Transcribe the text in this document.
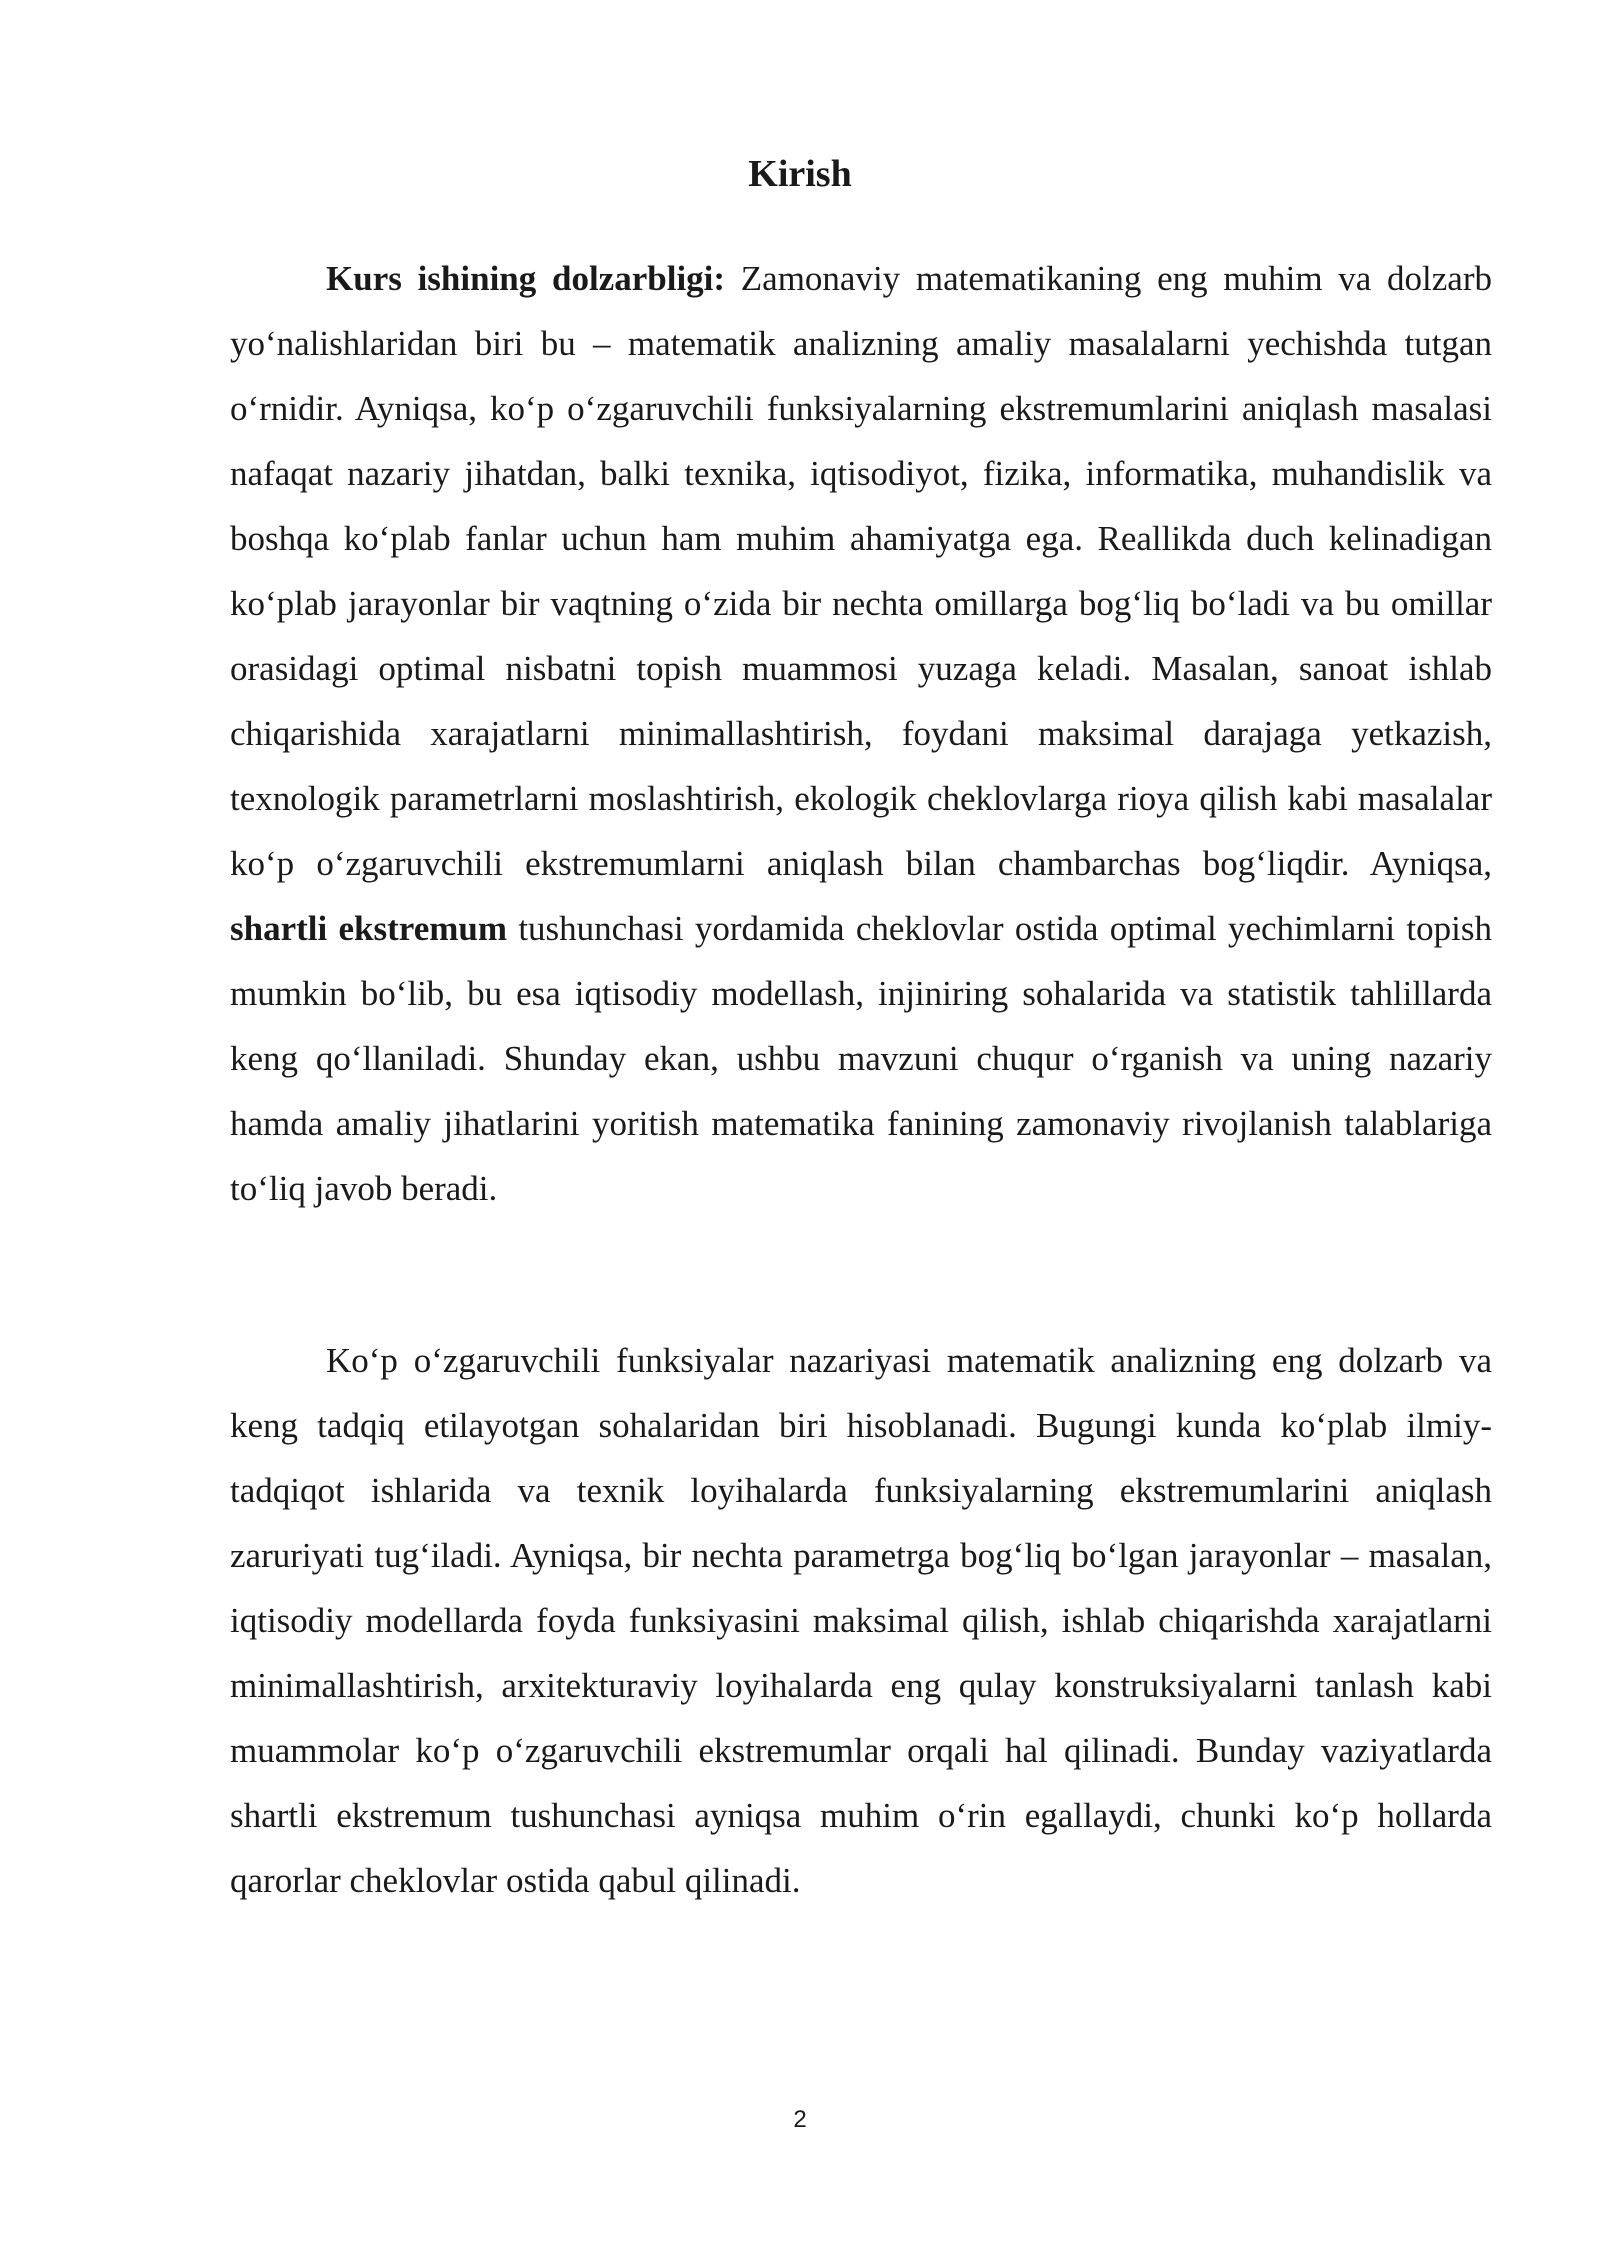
Kirish

Kurs ishining dolzarbligi: Zamonaviy matematikaning eng muhim va dolzarb yo‘nalishlaridan biri bu – matematik analizning amaliy masalalarni yechishda tutgan o‘rnidir. Ayniqsa, ko‘p o‘zgaruvchili funksiyalarning ekstremumlarini aniqlash masalasi nafaqat nazariy jihatdan, balki texnika, iqtisodiyot, fizika, informatika, muhandislik va boshqa ko‘plab fanlar uchun ham muhim ahamiyatga ega. Reallikda duch kelinadigan ko‘plab jarayonlar bir vaqtning o‘zida bir nechta omillarga bog‘liq bo‘ladi va bu omillar orasidagi optimal nisbatni topish muammosi yuzaga keladi. Masalan, sanoat ishlab chiqarishida xarajatlarni minimallashtirish, foydani maksimal darajaga yetkazish, texnologik parametrlarni moslashtirish, ekologik cheklovlarga rioya qilish kabi masalalar ko‘p o‘zgaruvchili ekstremumlarni aniqlash bilan chambarchas bog‘liqdir. Ayniqsa, shartli ekstremum tushunchasi yordamida cheklovlar ostida optimal yechimlarni topish mumkin bo‘lib, bu esa iqtisodiy modellash, injiniring sohalarida va statistik tahlillarda keng qo‘llaniladi. Shunday ekan, ushbu mavzuni chuqur o‘rganish va uning nazariy hamda amaliy jihatlarini yoritish matematika fanining zamonaviy rivojlanish talablariga to‘liq javob beradi.

Ko‘p o‘zgaruvchili funksiyalar nazariyasi matematik analizning eng dolzarb va keng tadqiq etilayotgan sohalaridan biri hisoblanadi. Bugungi kunda ko‘plab ilmiy-tadqiqot ishlarida va texnik loyihalarda funksiyalarning ekstremumlarini aniqlash zaruriyati tug‘iladi. Ayniqsa, bir nechta parametrga bog‘liq bo‘lgan jarayonlar – masalan, iqtisodiy modellarda foyda funksiyasini maksimal qilish, ishlab chiqarishda xarajatlarni minimallashtirish, arxitekturaviy loyihalarda eng qulay konstruksiyalarni tanlash kabi muammolar ko‘p o‘zgaruvchili ekstremumlar orqali hal qilinadi. Bunday vaziyatlarda shartli ekstremum tushunchasi ayniqsa muhim o‘rin egallaydi, chunki ko‘p hollarda qarorlar cheklovlar ostida qabul qilinadi.

2
